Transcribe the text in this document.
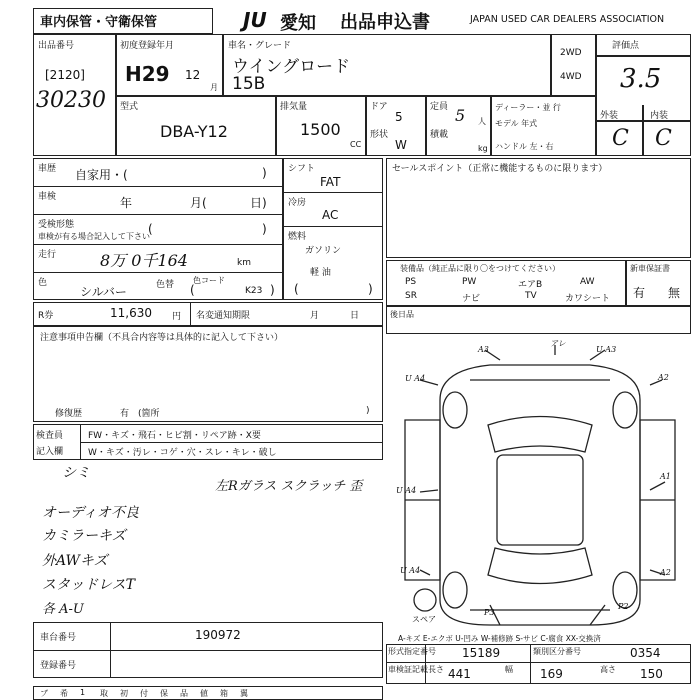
車内保管・守衛保管	JU 愛知 出品申込書	JAPAN USED CAR DEALERS ASSOCIATION
出品番号
[2120]
30230
初度登録年月
H29 12
月
車名・グレード
ウイングロード
15B
2WD
4WD
評価点
3.5
外装	内装
C C
型式
DBA-Y12
排気量
1500
CC
ドア
5
形状
W
定員 5 人
積載
kg
ディーラー・並 行
モデル 年式
ハンドル 左・右
車歴 自家用・(	)
車検	年	月(	日)
受検形態
車検が有る場合記入して下さい
(	)
走行	8万 0千164	km
色
シルバー	色替 色コード
(	K23 )
シフト
FAT
冷房
AC
燃料
ガソリン
軽 油
(	)
セールスポイント（正常に機能するものに限ります）
装備品（純正品に限り〇をつけてください）
PS	PW	エアB	AW
SR	ナビ	TV	カワシート
新車保証書
有 無
R券	11,630 円 名変通知期限	月	日	後日品
注意事項申告欄（不具合内容等は具体的に記入して下さい）
修復歴	有 (箇所	)
検査員
記入欄
FW・キズ・飛石・ヒビ割・リペア跡・X要
W・キズ・汚レ・コゲ・穴・スレ・キレ・破し
シミ
左Rガラス スクラッチ 歪
オーディオ不良
カミラーキズ
外AWキズ
スタッドレスT
各 A-U
A3
アレ
U A3
U A4	A2
U A4
A1
U A4	A2
スペア
P3
P2
A-キズ E-エクボ U-凹み W-補修跡 S-サビ C-腐食 XX-交換済
車台番号	190972
登録番号
形式指定番号 15189	類別区分番号	0354
車検証記載 長さ 441	幅 169	高さ 150
ブ 希 1 取 初 付 保 品 値 箱 翼
